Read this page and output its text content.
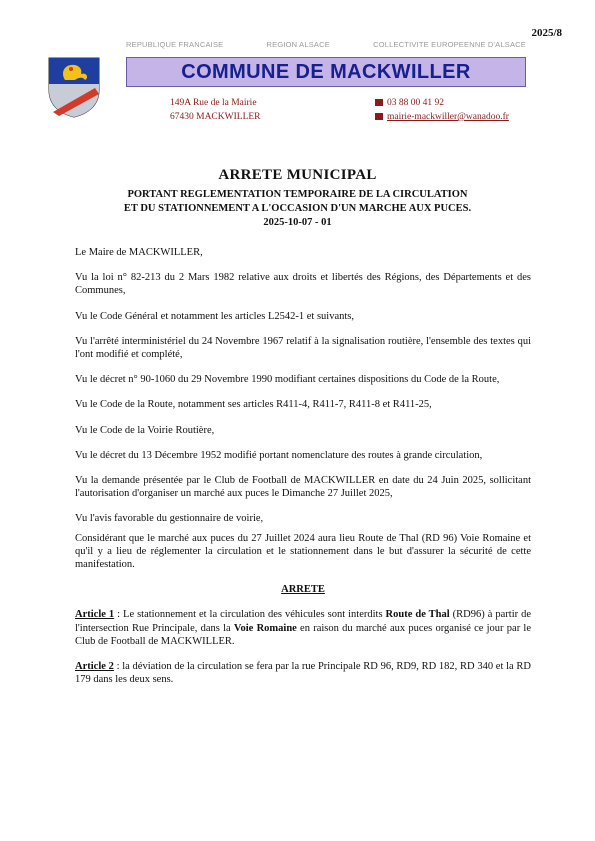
2025/8
REPUBLIQUE FRANCAISE	REGION ALSACE	COLLECTIVITE EUROPEENNE D'ALSACE
COMMUNE DE MACKWILLER
149A Rue de la Mairie
67430 MACKWILLER
03 88 00 41 92
mairie-mackwiller@wanadoo.fr
ARRETE MUNICIPAL
PORTANT REGLEMENTATION TEMPORAIRE DE LA CIRCULATION
ET DU STATIONNEMENT A L'OCCASION D'UN MARCHE AUX PUCES.
2025-10-07 - 01

Le Maire de MACKWILLER,

Vu la loi n° 82-213 du 2 Mars 1982 relative aux droits et libertés des Régions, des Départements et des Communes,

Vu le Code Général et notamment les articles L2542-1 et suivants,

Vu l'arrêté interministériel du 24 Novembre 1967 relatif à la signalisation routière, l'ensemble des textes qui l'ont modifié et complété,

Vu le décret n° 90-1060 du 29 Novembre 1990 modifiant certaines dispositions du Code de la Route,

Vu le Code de la Route, notamment ses articles R411-4, R411-7, R411-8 et R411-25,

Vu le Code de la Voirie Routière,

Vu le décret du 13 Décembre 1952 modifié portant nomenclature des routes à grande circulation,

Vu la demande présentée par le Club de Football de MACKWILLER en date du 24 Juin 2025, sollicitant l'autorisation d'organiser un marché aux puces le Dimanche 27 Juillet 2025,

Vu l'avis favorable du gestionnaire de voirie,

Considérant que le marché aux puces du 27 Juillet 2024 aura lieu Route de Thal (RD 96) Voie Romaine et qu'il y a lieu de réglementer la circulation et le stationnement dans le but d'assurer la sécurité de cette manifestation.

ARRETE

Article 1 : Le stationnement et la circulation des véhicules sont interdits Route de Thal (RD96) à partir de l'intersection Rue Principale, dans la Voie Romaine en raison du marché aux puces organisé ce jour par le Club de Football de MACKWILLER.

Article 2 : la déviation de la circulation se fera par la rue Principale RD 96, RD9, RD 182, RD 340 et la RD 179 dans les deux sens.
